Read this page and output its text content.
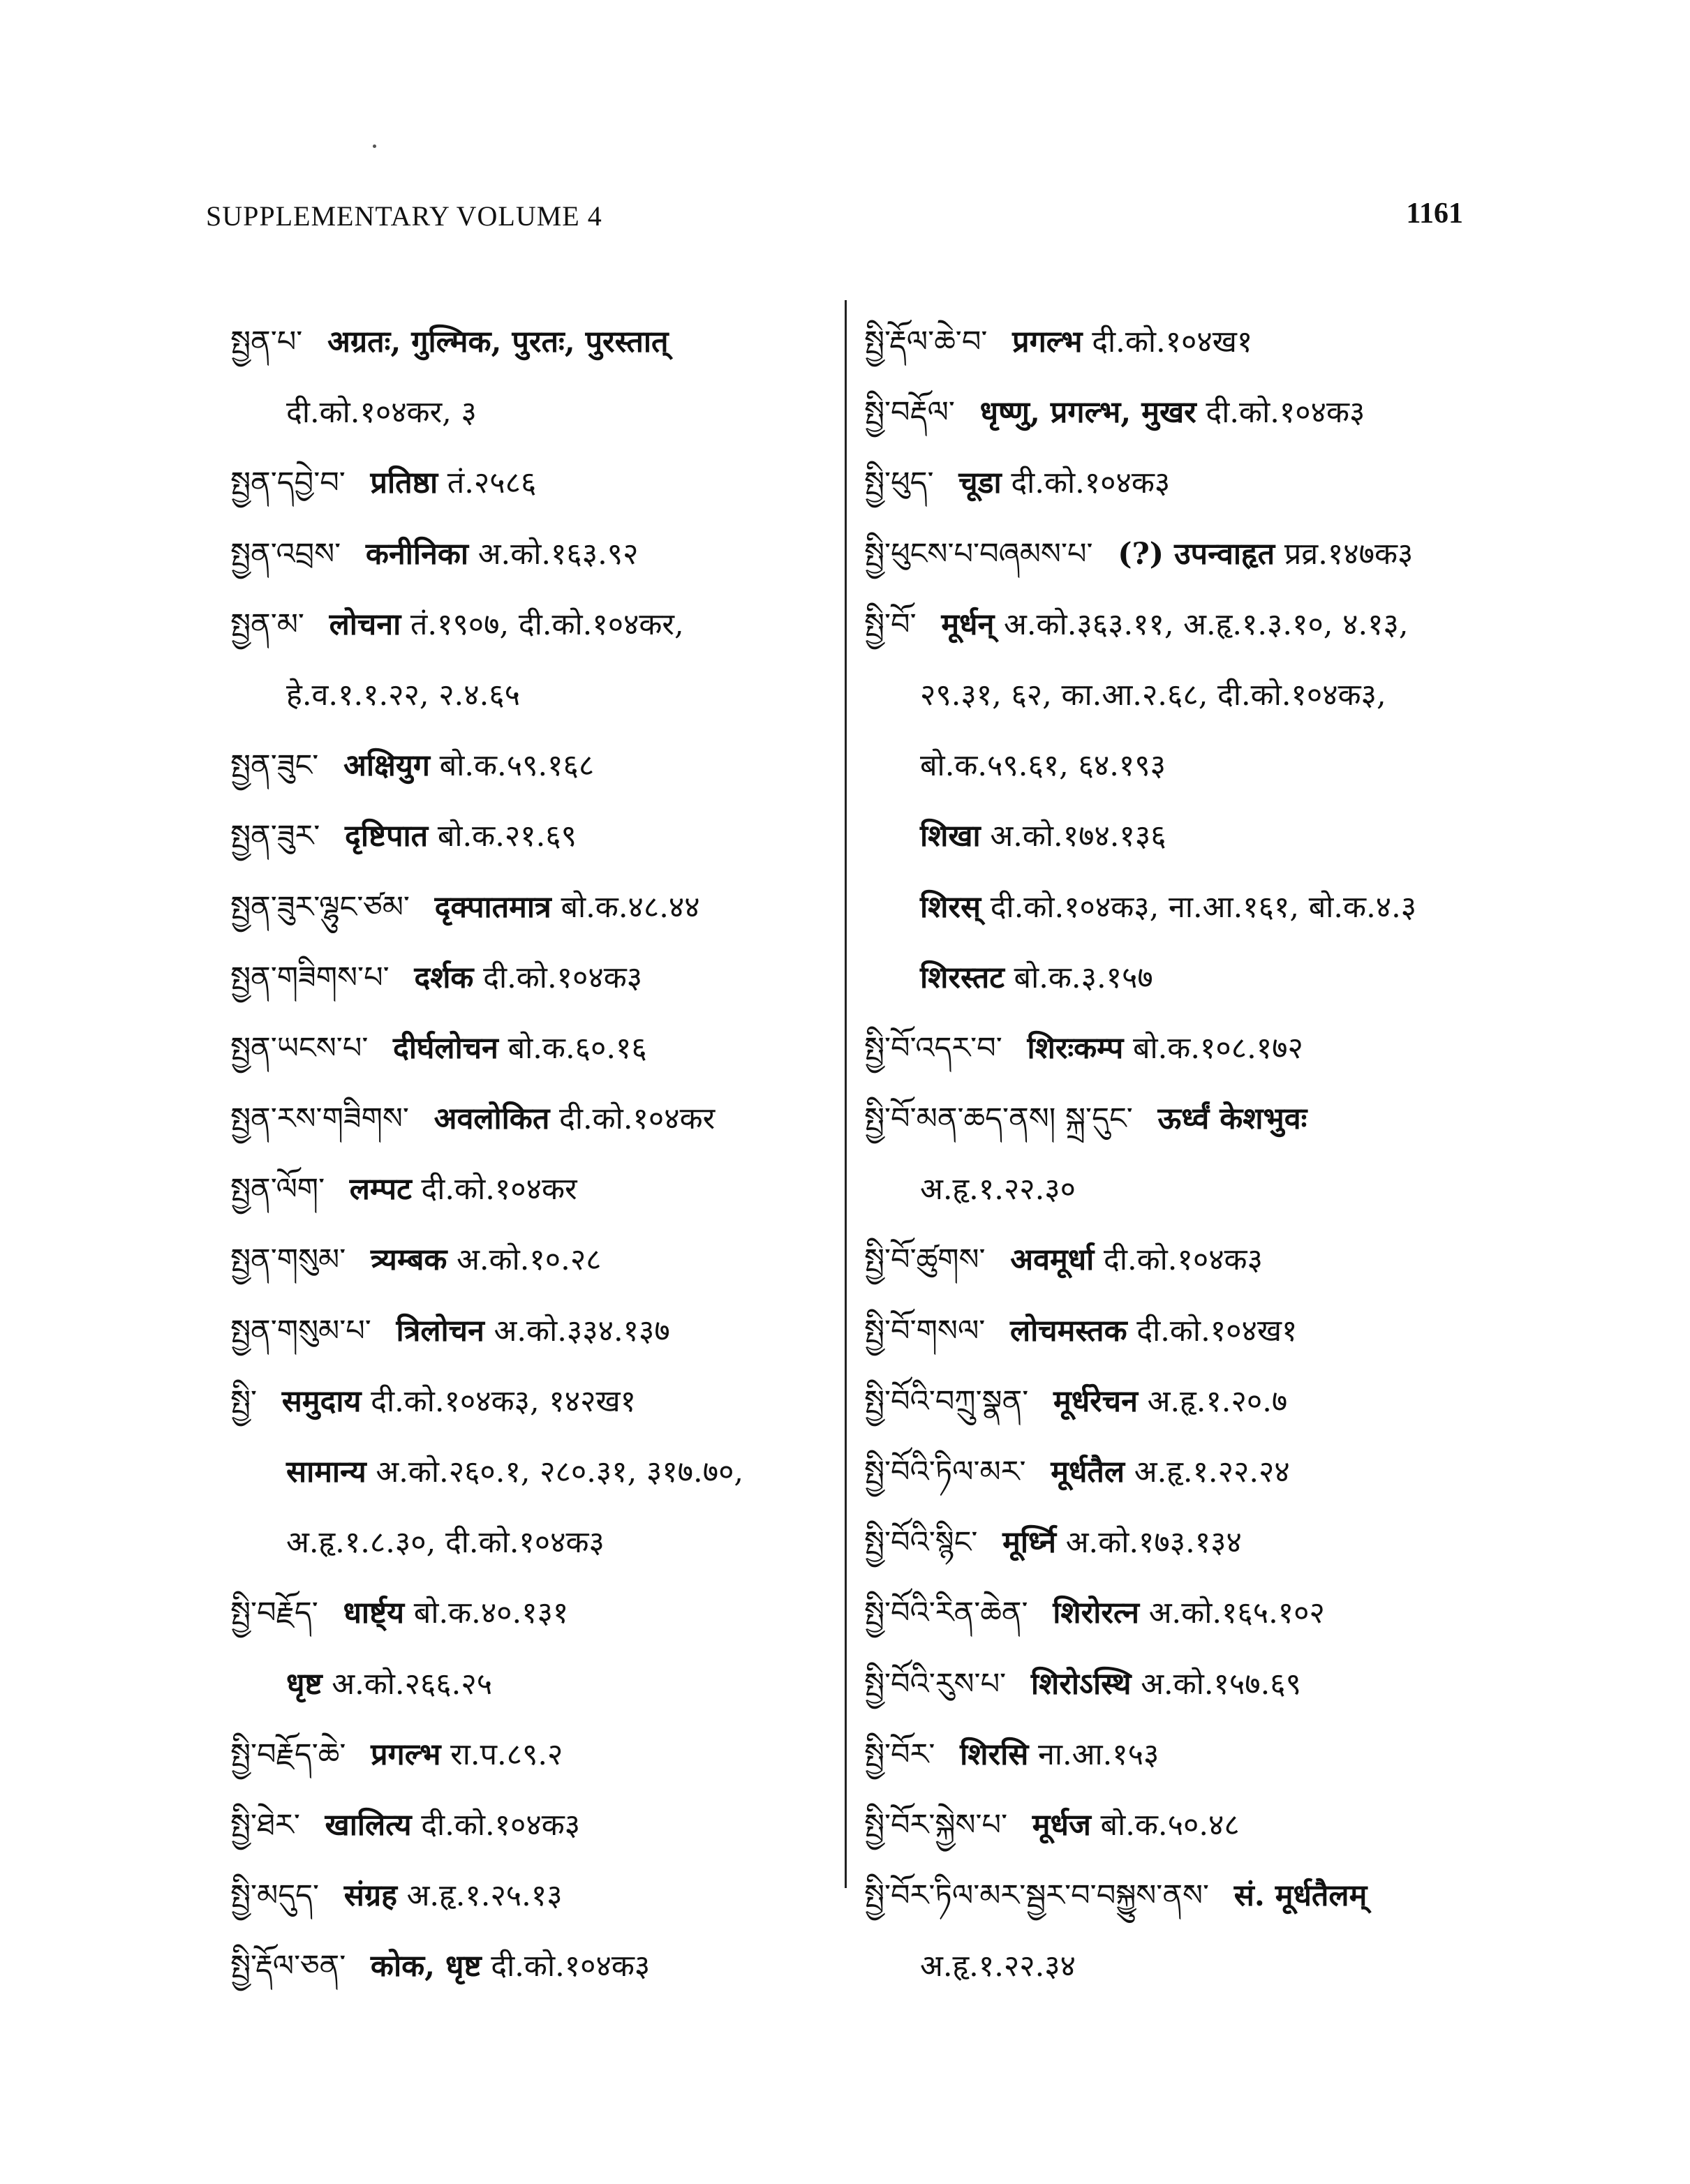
SUPPLEMENTARY VOLUME 4	1161
སྤྱན་པ་ अग्रतः, गुल्मिक, पुरतः, पुरस्तात्
दी.को.१०४कर, ३
སྤྱན་དབྱེ་བ་ प्रतिष्ठा तं.२५८६
སྤྱན་འབྲས་ कनीनिका अ.को.१६३.९२
སྤྱན་མ་ लोचना तं.१९०७, दी.को.१०४कर,
हे.व.१.१.२२, २.४.६५
སྤྱན་ཟུང་ अक्षियुग बो.क.५९.१६८
སྤྱན་ཟུར་ दृष्टिपात बो.क.२१.६९
སྤྱན་ཟུར་ལྷུང་ཙམ་ दृक्पातमात्र बो.क.४८.४४
སྤྱན་གཟིགས་པ་ दर्शक दी.को.१०४क३
སྤྱན་ཡངས་པ་ दीर्घलोचन बो.क.६०.१६
སྤྱན་རས་གཟིགས་ अवलोकित दी.को.१०४कर
སྤྱན་ལོག་ लम्पट दी.को.१०४कर
སྤྱན་གསུམ་ त्र्यम्बक अ.को.१०.२८
སྤྱན་གསུམ་པ་ त्रिलोचन अ.को.३३४.१३७
སྤྱི་ समुदाय दी.को.१०४क३, १४२ख१
सामान्य अ.को.२६०.१, २८०.३१, ३१७.७०,
अ.हृ.१.८.३०, दी.को.१०४क३
སྤྱི་བརྗོད་ धार्ष्ट्य बो.क.४०.१३१
धृष्ट अ.को.२६६.२५
སྤྱི་བརྗོད་ཆེ་ प्रगल्भ रा.प.८९.२
སྤྱི་ཐེར་ खालित्य दी.को.१०४क३
སྤྱི་མདུད་ संग्रह अ.हृ.१.२५.१३
སྤྱི་རྡོལ་ཅན་ कोक, धृष्ट दी.को.१०४क३
སྤྱི་རྡོལ་ཆེ་བ་ प्रगल्भ दी.को.१०४ख१
སྤྱི་བརྡོལ་ धृष्णु, प्रगल्भ, मुखर दी.को.१०४क३
སྤྱི་ཕུད་ चूडा दी.को.१०४क३
སྤྱི་ཕུངས་པ་བཞམས་པ་ (?) उपन्वाहृत प्रव्र.१४७क३
སྤྱི་བོ་ मूर्धन् अ.को.३६३.११, अ.हृ.१.३.१०, ४.१३,
२९.३१, ६२, का.आ.२.६८, दी.को.१०४क३,
बो.क.५९.६१, ६४.१९३
शिखा अ.को.१७४.१३६
शिरस् दी.को.१०४क३, ना.आ.१६१, बो.क.४.३
शिरस्तट बो.क.३.१५७
སྤྱི་བོ་འདར་བ་ शिरःकम्प बो.क.१०८.१७२
སྤྱི་བོ་མན་ཆད་ནས། སྐྲ་དུང་ ऊर्ध्वं केशभुवः
अ.हृ.१.२२.३०
སྤྱི་བོ་ཚུགས་ अवमूर्धा दी.को.१०४क३
སྤྱི་བོ་གསལ་ लोचमस्तक दी.को.१०४ख१
སྤྱི་བོའི་བཀྲུ་སྣན་ मूर्धरेचन अ.हृ.१.२०.७
སྤྱི་བོའི་ཏིལ་མར་ मूर्धतैल अ.हृ.१.२२.२४
སྤྱི་བོའི་སྙིང་ मूर्ध्नि अ.को.१७३.१३४
སྤྱི་བོའི་རིན་ཆེན་ शिरोरत्न अ.को.१६५.१०२
སྤྱི་བོའི་རུས་པ་ शिरोऽस्थि अ.को.१५७.६९
སྤྱི་བོར་ शिरसि ना.आ.१५३
སྤྱི་བོར་སྐྱེས་པ་ मूर्धज बो.क.५०.४८
སྤྱི་བོར་ཏིལ་མར་སྦྱར་བ་བསྐྱུས་ནས་ सं. मूर्धतैलम्
अ.हृ.१.२२.३४
